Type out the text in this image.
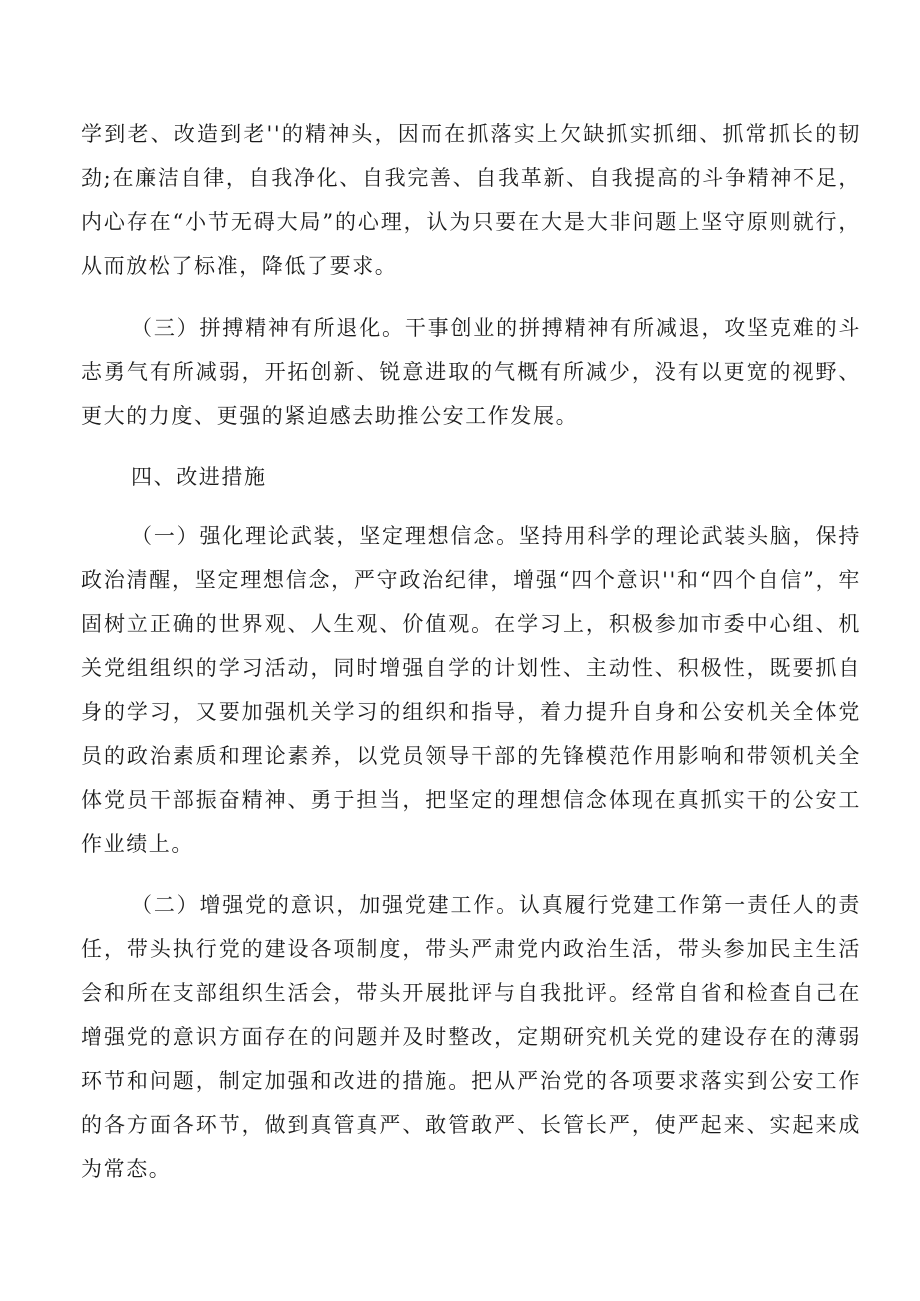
学到老、改造到老''的精神头，因而在抓落实上欠缺抓实抓细、抓常抓长的韧劲;在廉洁自律，自我净化、自我完善、自我革新、自我提高的斗争精神不足，内心存在“小节无碍大局”的心理，认为只要在大是大非问题上坚守原则就行，从而放松了标准，降低了要求。

（三）拼搏精神有所退化。干事创业的拼搏精神有所减退，攻坚克难的斗志勇气有所减弱，开拓创新、锐意进取的气概有所减少，没有以更宽的视野、更大的力度、更强的紧迫感去助推公安工作发展。

四、改进措施

（一）强化理论武装，坚定理想信念。坚持用科学的理论武装头脑，保持政治清醒，坚定理想信念，严守政治纪律，增强“四个意识''和“四个自信”，牢固树立正确的世界观、人生观、价值观。在学习上，积极参加市委中心组、机关党组组织的学习活动，同时增强自学的计划性、主动性、积极性，既要抓自身的学习，又要加强机关学习的组织和指导，着力提升自身和公安机关全体党员的政治素质和理论素养，以党员领导干部的先锋模范作用影响和带领机关全体党员干部振奋精神、勇于担当，把坚定的理想信念体现在真抓实干的公安工作业绩上。

（二）增强党的意识，加强党建工作。认真履行党建工作第一责任人的责任，带头执行党的建设各项制度，带头严肃党内政治生活，带头参加民主生活会和所在支部组织生活会，带头开展批评与自我批评。经常自省和检查自己在增强党的意识方面存在的问题并及时整改，定期研究机关党的建设存在的薄弱环节和问题，制定加强和改进的措施。把从严治党的各项要求落实到公安工作的各方面各环节，做到真管真严、敢管敢严、长管长严，使严起来、实起来成为常态。
